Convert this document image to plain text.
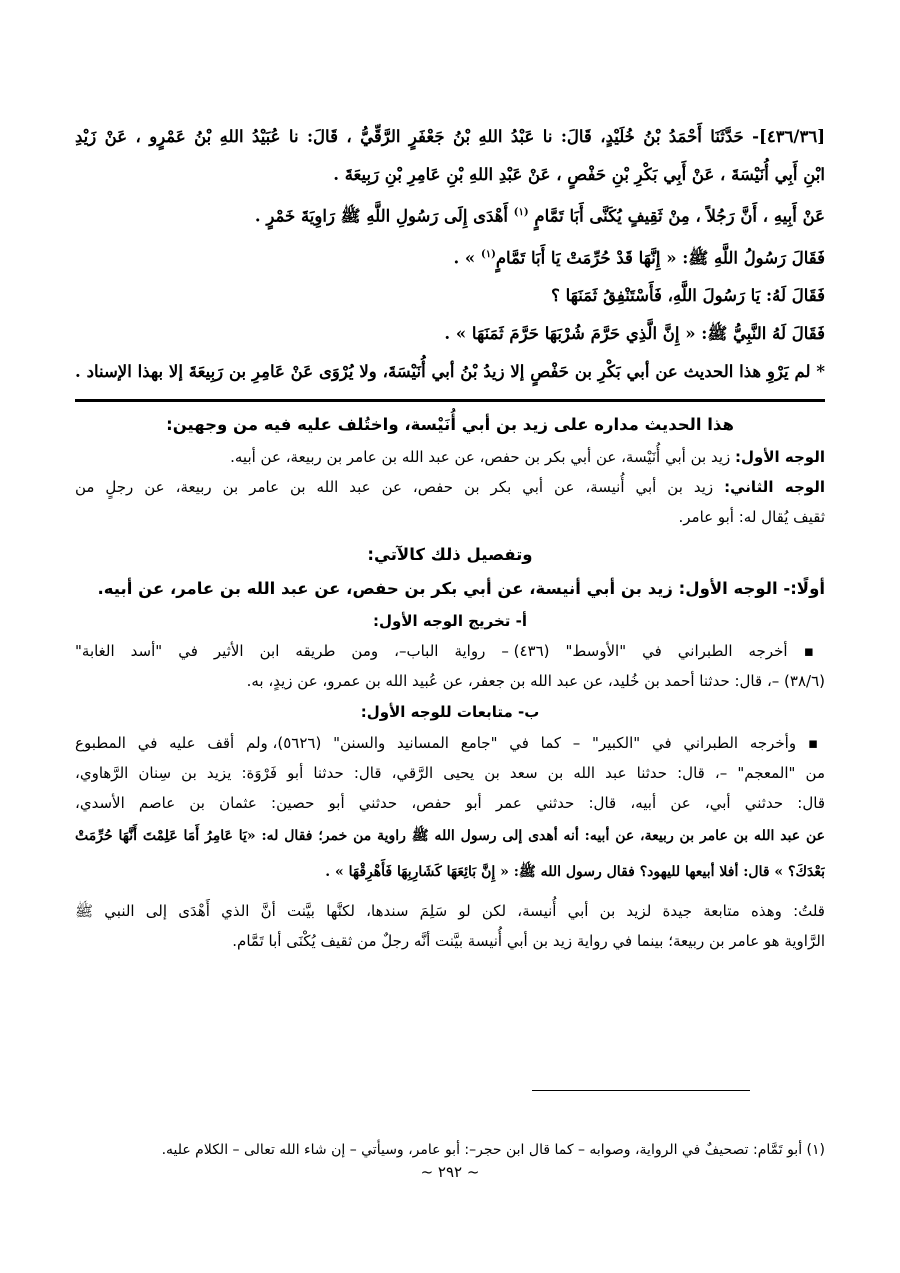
[٤٣٦/٣٦]- حَدَّثَنَا أَحْمَدُ بْنُ خُلَيْدٍ، قَالَ: نا عَبْدُ اللهِ بْنُ جَعْفَرٍ الرَّقِّيُّ ، قَالَ: نا عُبَيْدُ اللهِ بْنُ عَمْرٍو ، عَنْ زَيْدِ
ابْنِ أَبِي أُنَيْسَةَ ، عَنْ أَبِي بَكْرِ بْنِ حَفْصٍ ، عَنْ عَبْدِ اللهِ بْنِ عَامِرِ بْنِ رَبِيعَةَ .
عَنْ أَبِيهِ ، أَنَّ رَجُلاً ، مِنْ ثَقِيفٍ يُكَنَّى أَبَا تَمَّامٍ $^{(١)}$ أَهْدَى إِلَى رَسُولِ اللَّهِ ﷺ رَاوِيَةَ خَمْرٍ .
فَقَالَ رَسُولُ اللَّهِ ﷺ: « إِنَّهَا قَدْ حُرِّمَتْ يَا أَبَا تَمَّامٍ$^{(١)}$ » .
فَقَالَ لَهُ: يَا رَسُولَ اللَّهِ، فَأَسْتَنْفِقُ ثَمَنَهَا ؟
فَقَالَ لَهُ النَّبِيُّ ﷺ: « إِنَّ الَّذِي حَرَّمَ شُرْبَهَا حَرَّمَ ثَمَنَهَا » .
* لم يَرْوِ هذا الحديث عن أبي بَكْرِ بن حَفْصٍ إلا زيدُ بْنُ أبي أُنَيْسَةَ، ولا يُرْوَى عَنْ عَامِرِ بن رَبِيعَةَ إلا بهذا الإسناد .
هذا الحديث مداره على زيد بن أبي أُنَيْسة، واختُلف عليه فيه من وجهين:
الوجه الأول: زيد بن أبي أُنَيْسة، عن أبي بكر بن حفص، عن عبد الله بن عامر بن ربيعة، عن أبيه.
الوجه الثاني: زيد بن أبي أُنيسة، عن أبي بكر بن حفص، عن عبد الله بن عامر بن ربيعة، عن رجلٍ من
ثقيف يُقال له: أبو عامر.
وتفصيل ذلك كالآتي:
أولًا:- الوجه الأول: زيد بن أبي أنيسة، عن أبي بكر بن حفص، عن عبد الله بن عامر، عن أبيه.
أ- تخريج الوجه الأول:
▪ أخرجه الطبراني في "الأوسط" (٤٣٦) – رواية الباب–، ومن طريقه ابن الأثير في "أسد الغابة"
(٣٨/٦) –، قال: حدثنا أحمد بن خُليد، عن عبد الله بن جعفر، عن عُبيد الله بن عمرو، عن زيدٍ، به.
ب- متابعات للوجه الأول:
▪ وأخرجه الطبراني في "الكبير" – كما في "جامع المسانيد والسنن" (٥٦٢٦)، ولم أقف عليه في المطبوع
من "المعجم" –، قال: حدثنا عبد الله بن سعد بن يحيى الرَّقي، قال: حدثنا أبو فَرْوَة: يزيد بن سِنان الرَّهاوي،
قال: حدثني أبي، عن أبيه، قال: حدثني عمر أبو حفص، حدثني أبو حصين: عثمان بن عاصم الأسدي،
عن عبد الله بن عامر بن ربيعة، عن أبيه: أنه أهدى إلى رسول الله ﷺ راوية من خمر؛ فقال له: «يَا عَامِرُ أَمَا عَلِمْتَ أَنَّهَا حُرِّمَتْ
بَعْدَكَ؟ » قال: أفلا أبيعها لليهود؟ فقال رسول الله ﷺ: « إِنَّ بَائِعَهَا كَشَارِبِهَا فَأَهْرِقْهَا » .
قلتُ: وهذه متابعة جيدة لزيد بن أبي أُنيسة، لكن لو سَلِمَ سندها، لكنَّها بيَّنت أنَّ الذي أَهْدَى إلى النبي ﷺ
الرَّاوية هو عامر بن ربيعة؛ بينما في رواية زيد بن أبي أُنيسة بيَّنت أنَّه رجلٌ من ثقيف يُكْنَى أبا تَمَّام.
(١) أبو تَمَّام: تصحيفٌ في الرواية، وصوابه – كما قال ابن حجر–: أبو عامر، وسيأتي – إن شاء الله تعالى – الكلام عليه.
~ ٢٩٢ ~
